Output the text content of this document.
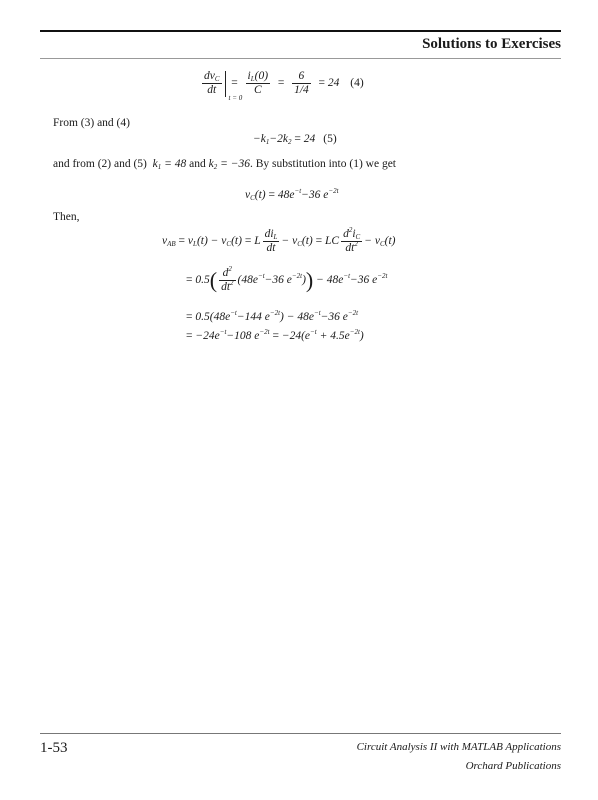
Solutions to Exercises
$\frac{dv_C}{dt}$
t = 0
= $\frac{i_L(0)}{C} = \frac{6}{1/4} = 24$ (4)
From (3) and (4)
$-k_1-2k_2 = 24$ (5)
and from (2) and (5)  $k_1 = 48$ and $k_2 = -36$. By substitution into (1) we get
$v_C(t) = 48e^{-t}-36$ $e^{-2t}$
Then,
$v_{AB} = v_L(t) - v_C(t) = L \frac{di_L}{dt} - v_C(t)$ = LC $\frac{d^2i_C}{dt^2} - v_C(t)$
= $0.5( \frac{d^2}{dt^2} (48e^{-t}-36$ $e^{-2t})) - 48e^{-t}-36$ $e^{-2t}$
= $0.5(48e^{-t}-144$ $e^{-2t}) - 48e^{-t}-36$ $e^{-2t}$
= $-24e^{-t}-108$ $e^{-2t} = -24(e^{-t} + 4.5e^{-2t})$
1-53	Circuit Analysis II with MATLAB Applications
Orchard Publications
